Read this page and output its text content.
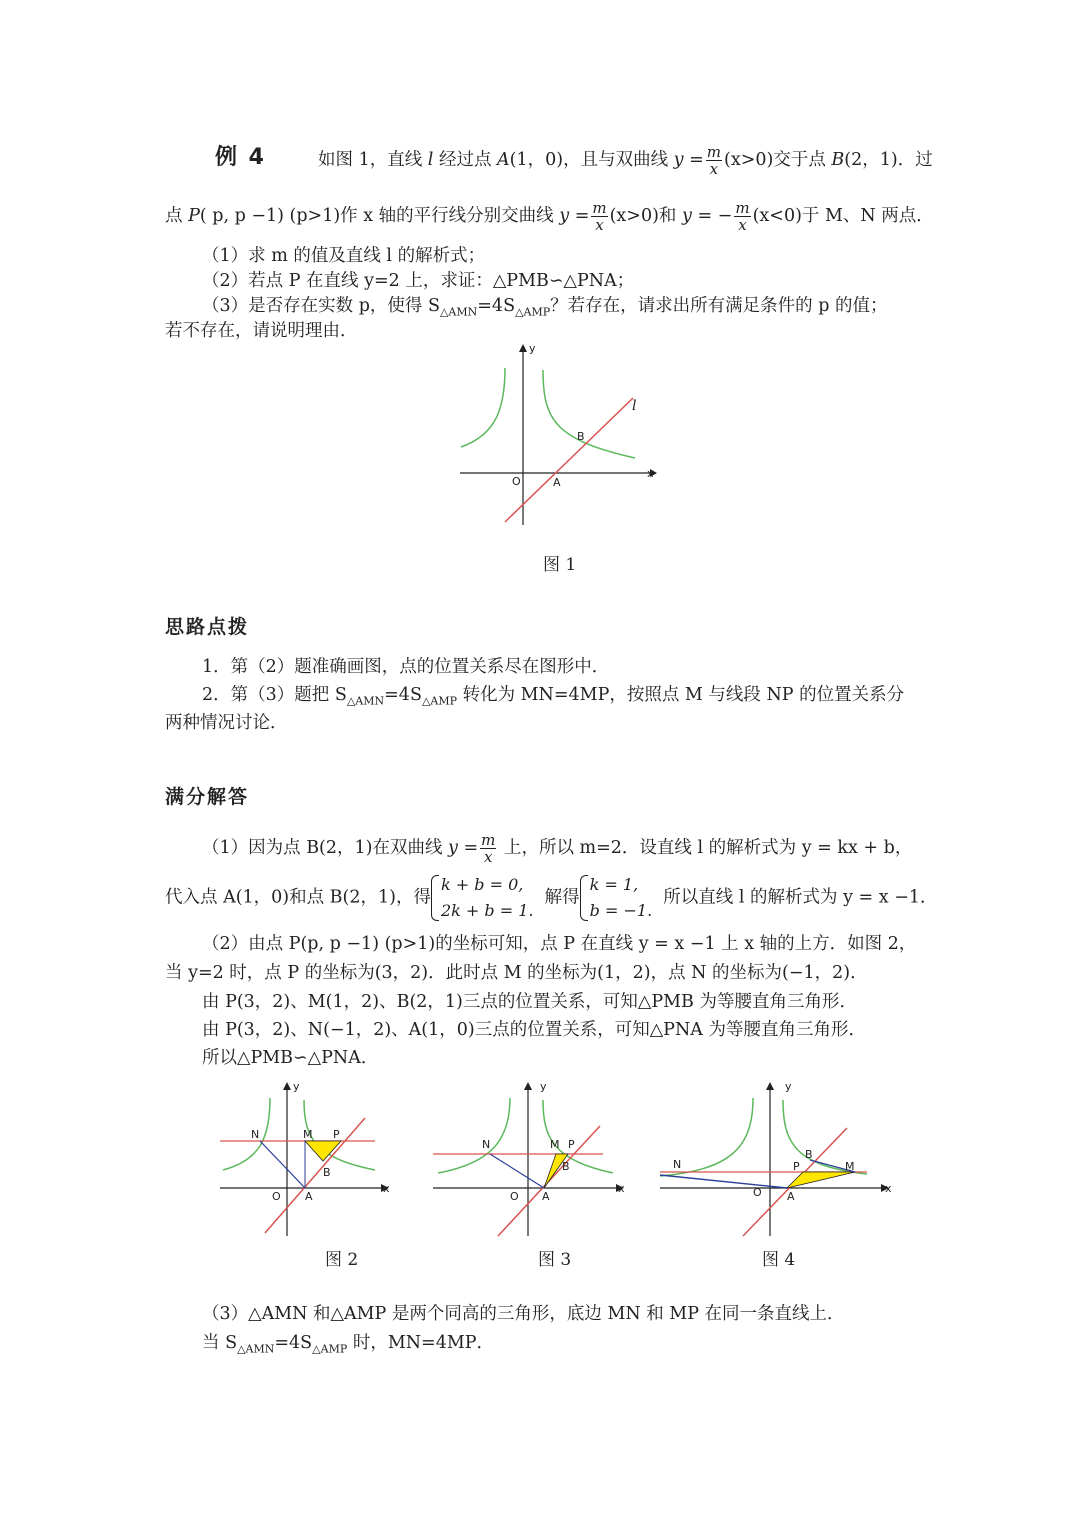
例 4	如图 1，直线 l 经过点 A(1，0)，且与双曲线 $y = \frac{m}{x} (x>0)$交于点 B(2，1)．过
点 P( p, p −1) (p>1)作 x 轴的平行线分别交曲线 $y = \frac{m}{x} (x>0)$和 y = − $\frac{m}{x} (x<0)$于 M、N 两点．
（1）求 m 的值及直线 l 的解析式；
（2）若点 P 在直线 y=2 上，求证：△PMB∽△PNA；
（3）是否存在实数 p，使得 $S_{\triangle AMN}=4S_{\triangle AMP}$？若存在，请求出所有满足条件的 p 的值；
若不存在，请说明理由．
y
x
O	A
B
l
图 1
思路点拨
1．第（2）题准确画图，点的位置关系尽在图形中．
2．第（3）题把 $S_{\triangle AMN}=4S_{\triangle AMP}$ 转化为 MN=4MP，按照点 M 与线段 NP 的位置关系分
两种情况讨论．
满分解答
（1）因为点 B(2，1)在双曲线 $y = \frac{m}{x}$ 上，所以 m=2．设直线 l 的解析式为 y = kx + b，
代入点 A(1，0)和点 B(2，1)，得
k + b = 0,
2k + b = 1.
解得
k = 1,
b = −1.
所以直线 l 的解析式为 y = x −1．
（2）由点 P(p, p −1) (p>1)的坐标可知，点 P 在直线 y = x −1 上 x 轴的上方．如图 2，
当 y=2 时，点 P 的坐标为(3，2)．此时点 M 的坐标为(1，2)，点 N 的坐标为(−1，2)．
由 P(3，2)、M(1，2)、B(2，1)三点的位置关系，可知△PMB 为等腰直角三角形．
由 P(3，2)、N(−1，2)、A(1，0)三点的位置关系，可知△PNA 为等腰直角三角形．
所以△PMB∽△PNA．
y
x
O A
B
M
N	P
图 2
y
x
O A
B
M
N	P
图 3
y
x
O A
B
M
N	P
图 4
（3）△AMN 和△AMP 是两个同高的三角形，底边 MN 和 MP 在同一条直线上．
当 $S_{\triangle AMN}=4S_{\triangle AMP}$ 时，MN=4MP．
